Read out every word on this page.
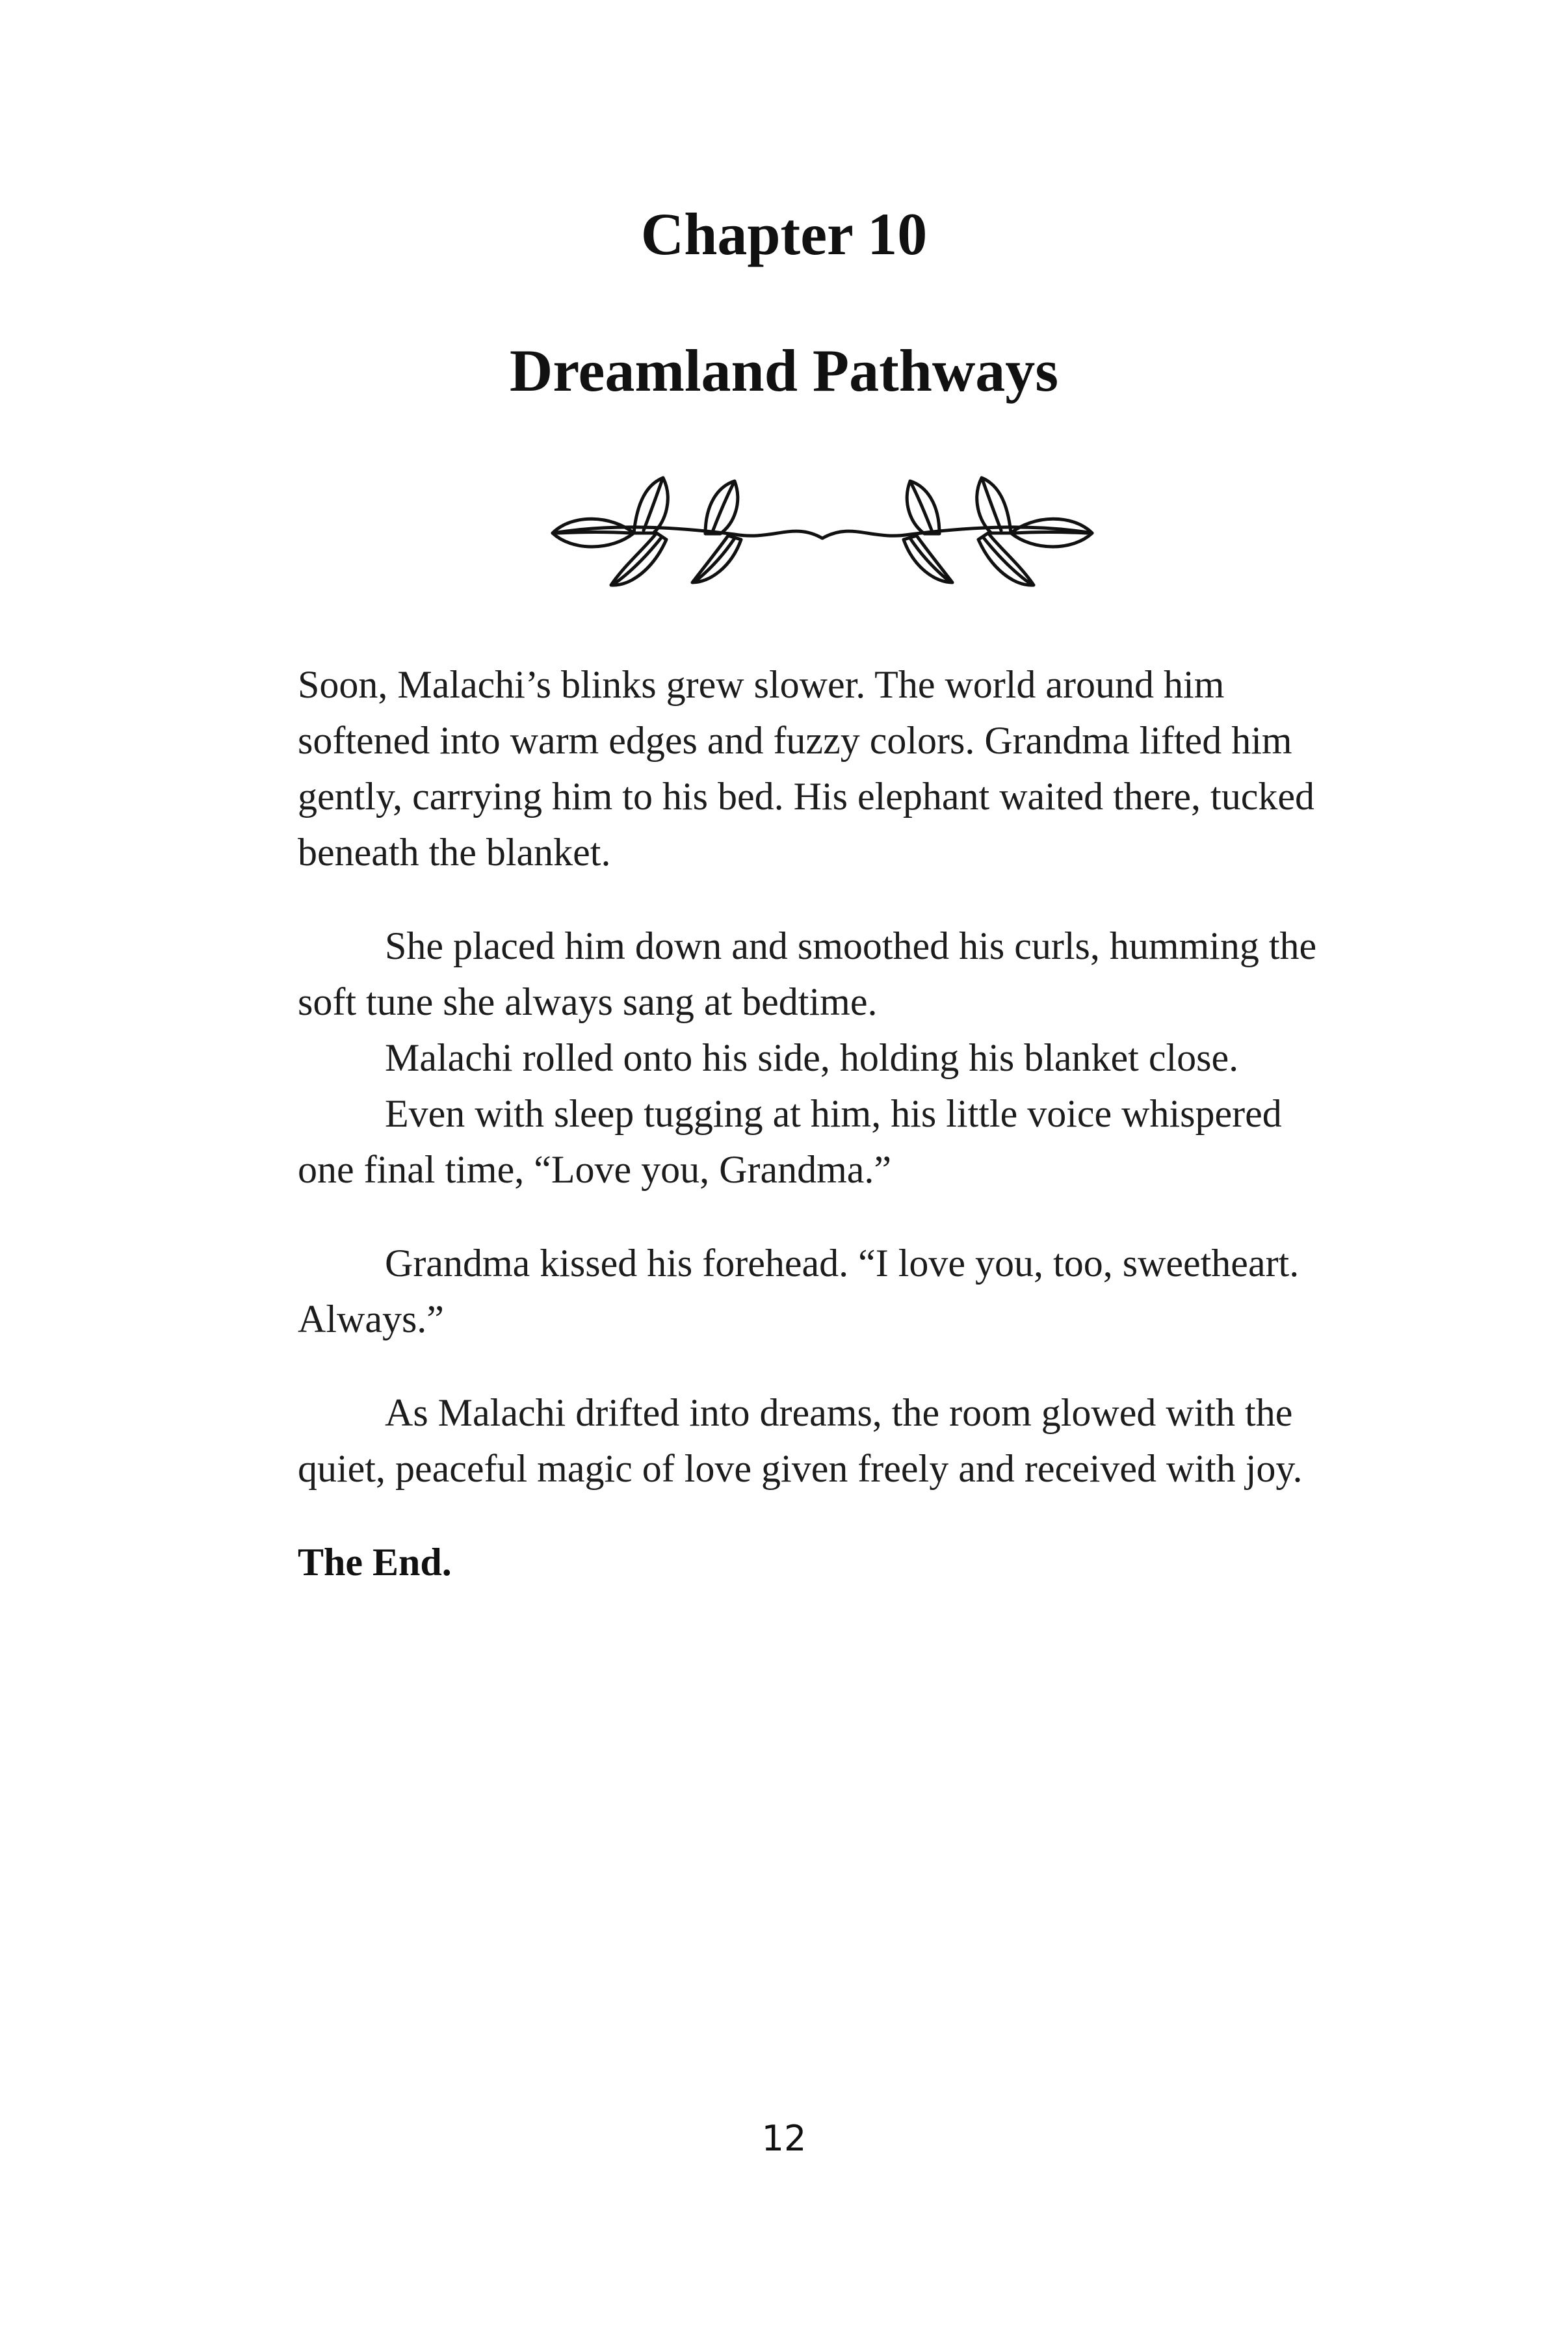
Chapter 10
Dreamland Pathways

Soon, Malachi’s blinks grew slower. The world around him softened into warm edges and fuzzy colors. Grandma lifted him gently, carrying him to his bed. His elephant waited there, tucked beneath the blanket.

She placed him down and smoothed his curls, humming the soft tune she always sang at bedtime.

Malachi rolled onto his side, holding his blanket close.

Even with sleep tugging at him, his little voice whispered one final time, “Love you, Grandma.”

Grandma kissed his forehead. “I love you, too, sweetheart. Always.”

As Malachi drifted into dreams, the room glowed with the quiet, peaceful magic of love given freely and received with joy.

The End.

12
